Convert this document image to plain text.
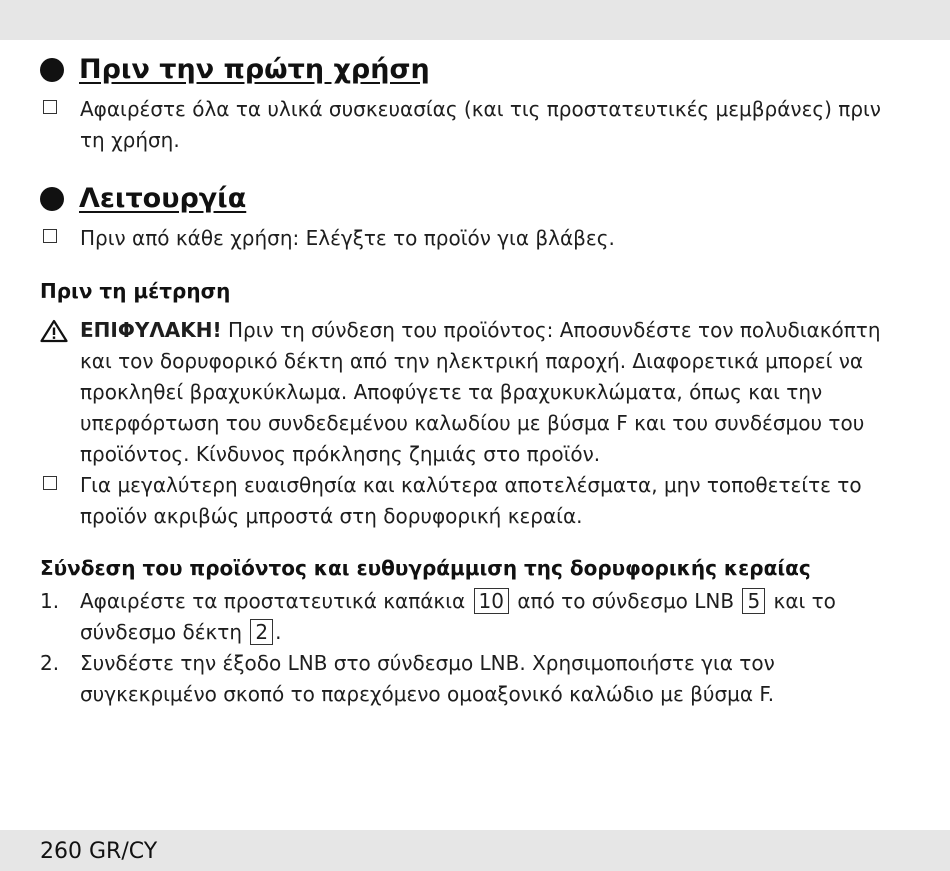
Πριν την πρώτη χρήση
Αφαιρέστε όλα τα υλικά συσκευασίας (και τις προστατευτικές μεμβράνες) πριν τη χρήση.
Λειτουργία
Πριν από κάθε χρήση: Ελέγξτε το προϊόν για βλάβες.
Πριν τη μέτρηση
ΕΠΙΦΥΛΑΚΗ! Πριν τη σύνδεση του προϊόντος: Αποσυνδέστε τον πολυδιακόπτη και τον δορυφορικό δέκτη από την ηλεκτρική παροχή. Διαφορετικά μπορεί να προκληθεί βραχυκύκλωμα. Αποφύγετε τα βραχυκυκλώματα, όπως και την υπερφόρτωση του συνδεδεμένου καλωδίου με βύσμα F και του συνδέσμου του προϊόντος. Κίνδυνος πρόκλησης ζημιάς στο προϊόν.
Για μεγαλύτερη ευαισθησία και καλύτερα αποτελέσματα, μην τοποθετείτε το προϊόν ακριβώς μπροστά στη δορυφορική κεραία.
Σύνδεση του προϊόντος και ευθυγράμμιση της δορυφορικής κεραίας
1. Αφαιρέστε τα προστατευτικά καπάκια 10 από το σύνδεσμο LNB 5 και το σύνδεσμο δέκτη 2 .
2. Συνδέστε την έξοδο LNB στο σύνδεσμο LNB. Χρησιμοποιήστε για τον συγκεκριμένο σκοπό το παρεχόμενο ομοαξονικό καλώδιο με βύσμα F.
260 GR/CY
